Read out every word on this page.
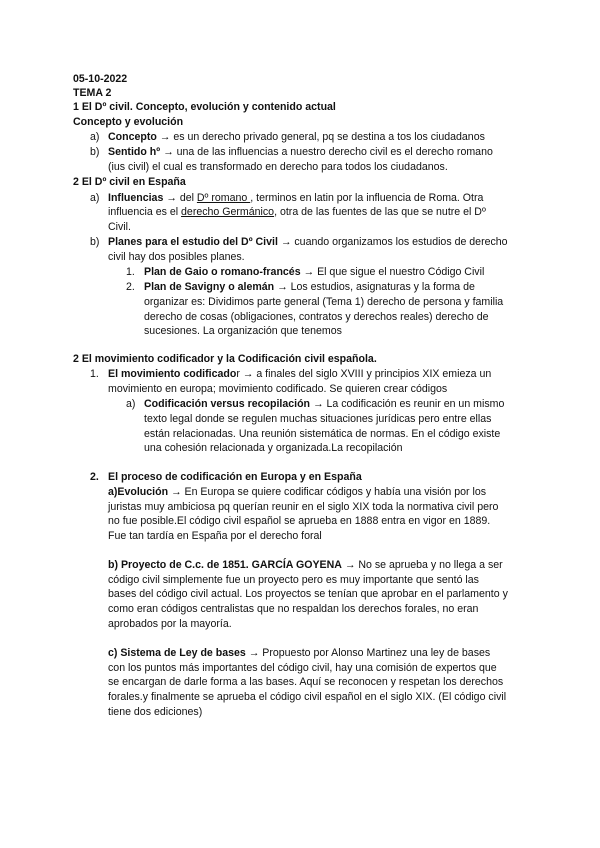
05-10-2022
TEMA 2
1 El Dº civil. Concepto, evolución y contenido actual
Concepto y evolución
a) Concepto → es un derecho privado general, pq se destina a tos los ciudadanos
b) Sentido hº → una de las influencias a nuestro derecho civil es el derecho romano
(ius civil) el cual es transformado en derecho para todos los ciudadanos.
2 El Dº civil en España
a) Influencias → del Dº romano , terminos en latin por la influencia de Roma. Otra
influencia es el derecho Germánico, otra de las fuentes de las que se nutre el Dº
Civil.
b) Planes para el estudio del Dº Civil → cuando organizamos los estudios de derecho
civil hay dos posibles planes.
1. Plan de Gaio o romano-francés → El que sigue el nuestro Código Civil
2. Plan de Savigny o alemán → Los estudios, asignaturas y la forma de
organizar es: Dividimos parte general (Tema 1) derecho de persona y familia
derecho de cosas (obligaciones, contratos y derechos reales) derecho de
sucesiones. La organización que tenemos
2 El movimiento codificador y la Codificación civil española.
1. El movimiento codificador → a finales del siglo XVIII y principios XIX emieza un
movimiento en europa; movimiento codificado. Se quieren crear códigos
a) Codificación versus recopilación → La codificación es reunir en un mismo
texto legal donde se regulen muchas situaciones jurídicas pero entre ellas
están relacionadas. Una reunión sistemática de normas. En el código existe
una cohesión relacionada y organizada.La recopilación
2. El proceso de codificación en Europa y en España
a)Evolución → En Europa se quiere codificar códigos y había una visión por los
juristas muy ambiciosa pq querían reunir en el siglo XIX toda la normativa civil pero
no fue posible.El código civil español se aprueba en 1888 entra en vigor en 1889.
Fue tan tardía en España por el derecho foral
b) Proyecto de C.c. de 1851. GARCÍA GOYENA → No se aprueba y no llega a ser
código civil simplemente fue un proyecto pero es muy importante que sentó las
bases del código civil actual. Los proyectos se tenían que aprobar en el parlamento y
como eran códigos centralistas que no respaldan los derechos forales, no eran
aprobados por la mayoría.
c) Sistema de Ley de bases → Propuesto por Alonso Martinez una ley de bases
con los puntos más importantes del código civil, hay una comisión de expertos que
se encargan de darle forma a las bases. Aquí se reconocen y respetan los derechos
forales.y finalmente se aprueba el código civil español en el siglo XIX. (El código civil
tiene dos ediciones)
